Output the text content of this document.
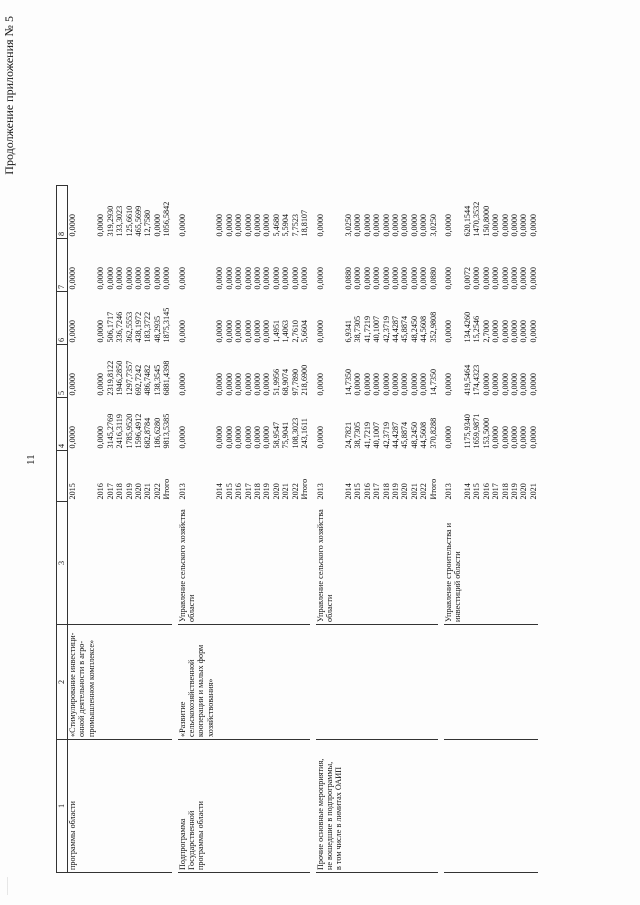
………
11
Продолжение приложения № 5
1	2	3		4	5	6	7	8
программы области	«Стимулирование инвестици-
онной деятельности в агро-
промышленном комплексе»		2015	0,0000	0,0000	0,0000	0,0000	0,0000
			2016	0,0000	0,0000	0,0000	0,0000	0,0000
			2017	3145,2769	2319,8122	506,1717	0,0000	319,2930
			2018	2416,3119	1946,2850	336,7246	0,0000	133,3023
			2019	1785,9520	1297,7357	362,5553	0,0000	125,6610
			2020	1596,4912	692,7242	438,1972	0,0000	465,5699
			2021	682,8784	486,7482	183,3722	0,0000	12,7580
			2022	186,6280	138,3545	48,2935	0,0000	0,0000
			Итого	9813,5385	6881,4398	1875,3145	0,0000	1056,5842

Подпрограмма
Государственной
программы области	«Развитие
сельскохозяйственной
кооперации и малых форм
хозяйствования»	Управление сельского хозяйства
области	2013	0,0000	0,0000	0,0000	0,0000	0,0000
			2014	0,0000	0,0000	0,0000	0,0000	0,0000
			2015	0,0000	0,0000	0,0000	0,0000	0,0000
			2016	0,0000	0,0000	0,0000	0,0000	0,0000
			2017	0,0000	0,0000	0,0000	0,0000	0,0000
			2018	0,0000	0,0000	0,0000	0,0000	0,0000
			2019	0,0000	0,0000	0,0000	0,0000	0,0000
			2020	58,9547	51,9956	1,4951	0,0000	5,4680
			2021	75,9041	68,9074	1,4063	0,0000	5,5904
			2022	108,3023	97,7890	2,7610	0,0000	7,7523
			Итого	243,1611	218,6900	5,6604	0,0000	18,8107

Прочие основные мероприятия,
не вошедшие в подпрограммы,
в том числе в лимитах ОАИП		Управление сельского хозяйства
области	2013	0,0000	0,0000	0,0000	0,0000	0,0000
			2014	24,7821	14,7350	6,9341	0,0880	3,0250
			2015	38,7305	0,0000	38,7305	0,0000	0,0000
			2016	41,7219	0,0000	41,7219	0,0000	0,0000
			2017	40,1007	0,0000	40,1007	0,0000	0,0000
			2018	42,3719	0,0000	42,3719	0,0000	0,0000
			2019	44,4287	0,0000	44,4287	0,0000	0,0000
			2020	45,8874	0,0000	45,8874	0,0000	0,0000
			2021	48,2450	0,0000	48,2450	0,0000	0,0000
			2022	44,5608	0,0000	44,5608	0,0000	0,0000
			Итого	370,8288	14,7350	352,9808	0,0880	3,0250

		Управление строительства и
инвестиций области	2013	0,0000	0,0000	0,0000	0,0000	0,0000
			2014	1175,9340	419,5464	134,4260	0,0072	620,1544
			2015	1659,9871	174,4323	15,2546	0,0000	1470,3532
			2016	153,5000	0,0000	2,7000	0,0000	150,8000
			2017	0,0000	0,0000	0,0000	0,0000	0,0000
			2018	0,0000	0,0000	0,0000	0,0000	0,0000
			2019	0,0000	0,0000	0,0000	0,0000	0,0000
			2020	0,0000	0,0000	0,0000	0,0000	0,0000
			2021	0,0000	0,0000	0,0000	0,0000	0,0000
